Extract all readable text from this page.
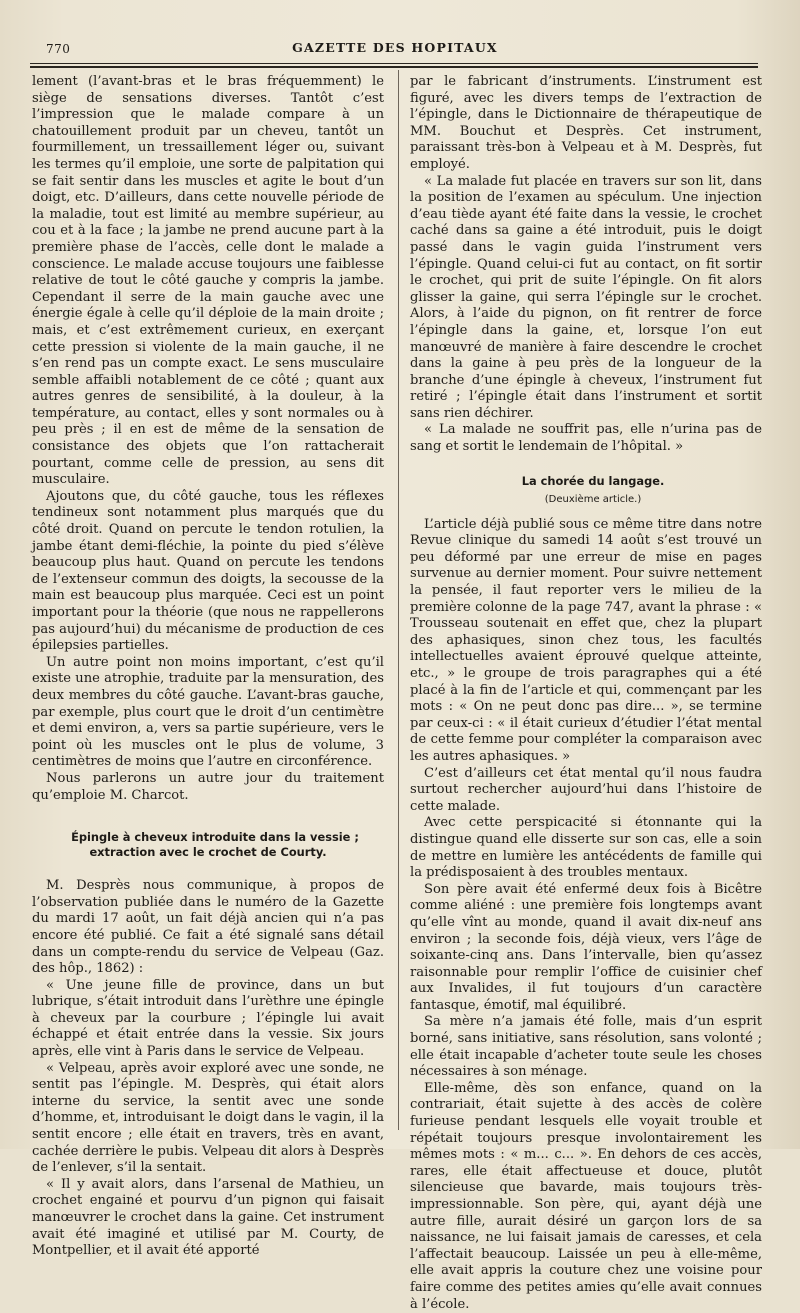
770	GAZETTE DES HOPITAUX

lement (l’avant-bras et le bras fréquemment) le siège de sensations diverses. Tantôt c’est l’impression que le malade compare à un chatouillement produit par un cheveu, tantôt un fourmillement, un tressaillement léger ou, suivant les termes qu’il emploie, une sorte de palpitation qui se fait sentir dans les muscles et agite le bout d’un doigt, etc. D’ailleurs, dans cette nouvelle période de la maladie, tout est limité au membre supérieur, au cou et à la face ; la jambe ne prend aucune part à la première phase de l’accès, celle dont le malade a conscience. Le malade accuse toujours une faiblesse relative de tout le côté gauche y compris la jambe. Cependant il serre de la main gauche avec une énergie égale à celle qu’il déploie de la main droite ; mais, et c’est extrêmement curieux, en exerçant cette pression si violente de la main gauche, il ne s’en rend pas un compte exact. Le sens musculaire semble affaibli notablement de ce côté ; quant aux autres genres de sensibilité, à la douleur, à la température, au contact, elles y sont normales ou à peu près ; il en est de même de la sensation de consistance des objets que l’on rattacherait pourtant, comme celle de pression, au sens dit musculaire.

Ajoutons que, du côté gauche, tous les réflexes tendineux sont notamment plus marqués que du côté droit. Quand on percute le tendon rotulien, la jambe étant demi-fléchie, la pointe du pied s’élève beaucoup plus haut. Quand on percute les tendons de l’extenseur commun des doigts, la secousse de la main est beaucoup plus marquée. Ceci est un point important pour la théorie (que nous ne rappellerons pas aujourd’hui) du mécanisme de production de ces épilepsies partielles.

Un autre point non moins important, c’est qu’il existe une atrophie, traduite par la mensuration, des deux membres du côté gauche. L’avant-bras gauche, par exemple, plus court que le droit d’un centimètre et demi environ, a, vers sa partie supérieure, vers le point où les muscles ont le plus de volume, 3 centimètres de moins que l’autre en circonférence.

Nous parlerons un autre jour du traitement qu’emploie M. Charcot.

Épingle à cheveux introduite dans la vessie ; extraction avec le crochet de Courty.

M. Desprès nous communique, à propos de l’observation publiée dans le numéro de la Gazette du mardi 17 août, un fait déjà ancien qui n’a pas encore été publié. Ce fait a été signalé sans détail dans un compte-rendu du service de Velpeau (Gaz. des hôp., 1862) :

« Une jeune fille de province, dans un but lubrique, s’était introduit dans l’urèthre une épingle à cheveux par la courbure ; l’épingle lui avait échappé et était entrée dans la vessie. Six jours après, elle vint à Paris dans le service de Velpeau.

« Velpeau, après avoir exploré avec une sonde, ne sentit pas l’épingle. M. Desprès, qui était alors interne du service, la sentit avec une sonde d’homme, et, introduisant le doigt dans le vagin, il la sentit encore ; elle était en travers, très en avant, cachée derrière le pubis. Velpeau dit alors à Desprès de l’enlever, s’il la sentait.

« Il y avait alors, dans l’arsenal de Mathieu, un crochet engainé et pourvu d’un pignon qui faisait manœuvrer le crochet dans la gaine. Cet instrument avait été imaginé et utilisé par M. Courty, de Montpellier, et il avait été apporté

par le fabricant d’instruments. L’instrument est figuré, avec les divers temps de l’extraction de l’épingle, dans le Dictionnaire de thérapeutique de MM. Bouchut et Desprès. Cet instrument, paraissant très-bon à Velpeau et à M. Desprès, fut employé.

« La malade fut placée en travers sur son lit, dans la position de l’examen au spéculum. Une injection d’eau tiède ayant été faite dans la vessie, le crochet caché dans sa gaine a été introduit, puis le doigt passé dans le vagin guida l’instrument vers l’épingle. Quand celui-ci fut au contact, on fit sortir le crochet, qui prit de suite l’épingle. On fit alors glisser la gaine, qui serra l’épingle sur le crochet. Alors, à l’aide du pignon, on fit rentrer de force l’épingle dans la gaine, et, lorsque l’on eut manœuvré de manière à faire descendre le crochet dans la gaine à peu près de la longueur de la branche d’une épingle à cheveux, l’instrument fut retiré ; l’épingle était dans l’instrument et sortit sans rien déchirer.

« La malade ne souffrit pas, elle n’urina pas de sang et sortit le lendemain de l’hôpital. »

La chorée du langage.

(Deuxième article.)

L’article déjà publié sous ce même titre dans notre Revue clinique du samedi 14 août s’est trouvé un peu déformé par une erreur de mise en pages survenue au dernier moment. Pour suivre nettement la pensée, il faut reporter vers le milieu de la première colonne de la page 747, avant la phrase : « Trousseau soutenait en effet que, chez la plupart des aphasiques, sinon chez tous, les facultés intellectuelles avaient éprouvé quelque atteinte, etc., » le groupe de trois paragraphes qui a été placé à la fin de l’article et qui, commençant par les mots : « On ne peut donc pas dire... », se termine par ceux-ci : « il était curieux d’étudier l’état mental de cette femme pour compléter la comparaison avec les autres aphasiques. »

C’est d’ailleurs cet état mental qu’il nous faudra surtout rechercher aujourd’hui dans l’histoire de cette malade.

Avec cette perspicacité si étonnante qui la distingue quand elle disserte sur son cas, elle a soin de mettre en lumière les antécédents de famille qui la prédisposaient à des troubles mentaux.

Son père avait été enfermé deux fois à Bicêtre comme aliéné : une première fois longtemps avant qu’elle vînt au monde, quand il avait dix-neuf ans environ ; la seconde fois, déjà vieux, vers l’âge de soixante-cinq ans. Dans l’intervalle, bien qu’assez raisonnable pour remplir l’office de cuisinier chef aux Invalides, il fut toujours d’un caractère fantasque, émotif, mal équilibré.

Sa mère n’a jamais été folle, mais d’un esprit borné, sans initiative, sans résolution, sans volonté ; elle était incapable d’acheter toute seule les choses nécessaires à son ménage.

Elle-même, dès son enfance, quand on la contrariait, était sujette à des accès de colère furieuse pendant lesquels elle voyait trouble et répétait toujours presque involontairement les mêmes mots : « m... c... ». En dehors de ces accès, rares, elle était affectueuse et douce, plutôt silencieuse que bavarde, mais toujours très-impressionnable. Son père, qui, ayant déjà une autre fille, aurait désiré un garçon lors de sa naissance, ne lui faisait jamais de caresses, et cela l’affectait beaucoup. Laissée un peu à elle-même, elle avait appris la couture chez une voisine pour faire comme des petites amies qu’elle avait connues à l’école.
